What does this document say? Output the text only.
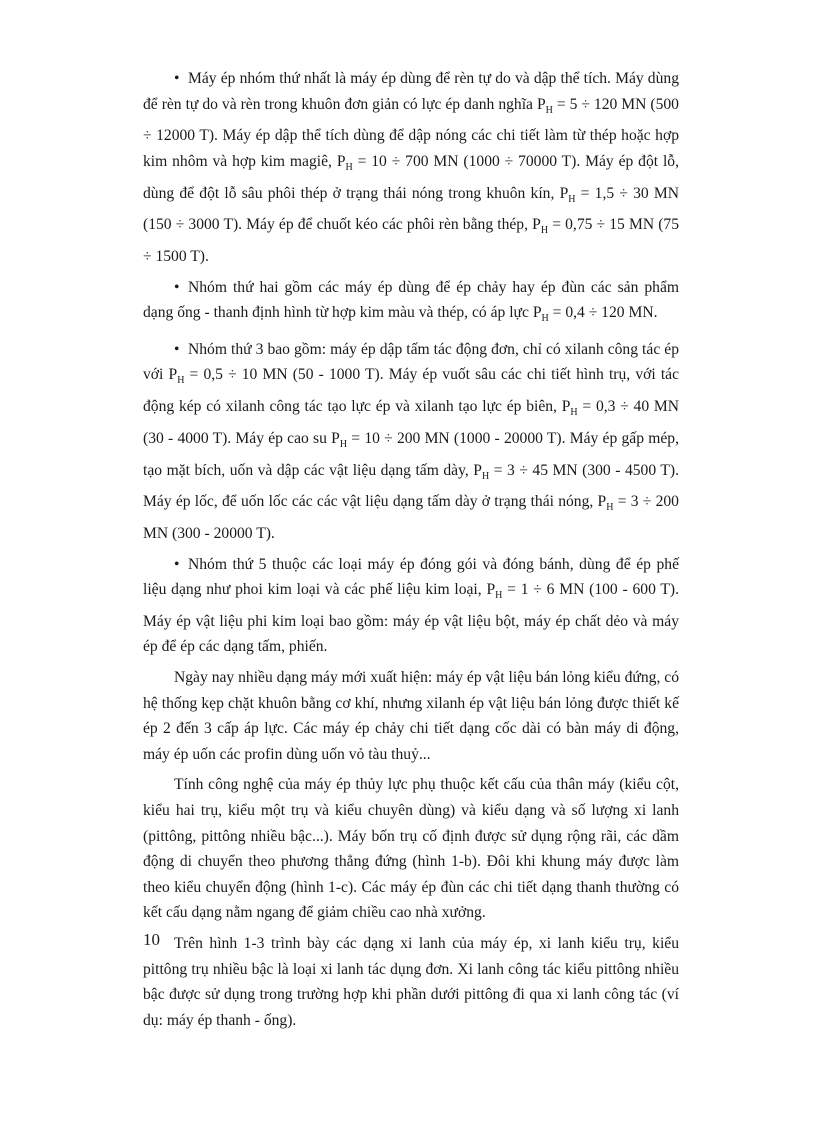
• Máy ép nhóm thứ nhất là máy ép dùng để rèn tự do và dập thể tích. Máy dùng để rèn tự do và rèn trong khuôn đơn giản có lực ép danh nghĩa $P_H = 5 \div 120$ MN (500 ÷ 12000 T). Máy ép dập thể tích dùng để dập nóng các chi tiết làm từ thép hoặc hợp kim nhôm và hợp kim magiê, $P_H = 10 \div 700$ MN (1000 ÷ 70000 T). Máy ép đột lỗ, dùng để đột lỗ sâu phôi thép ở trạng thái nóng trong khuôn kín, $P_H = 1,5 \div 30$ MN (150 ÷ 3000 T). Máy ép để chuốt kéo các phôi rèn bằng thép, $P_H = 0,75 \div 15$ MN (75 ÷ 1500 T).

• Nhóm thứ hai gồm các máy ép dùng để ép chảy hay ép đùn các sản phẩm dạng ống - thanh định hình từ hợp kim màu và thép, có áp lực $P_H = 0,4 \div 120$ MN.

• Nhóm thứ 3 bao gồm: máy ép dập tấm tác động đơn, chỉ có xilanh công tác ép với $P_H = 0,5 \div 10$ MN (50 - 1000 T). Máy ép vuốt sâu các chi tiết hình trụ, với tác động kép có xilanh công tác tạo lực ép và xilanh tạo lực ép biên, $P_H = 0,3 \div 40$ MN (30 - 4000 T). Máy ép cao su $P_H = 10 \div 200$ MN (1000 - 20000 T). Máy ép gấp mép, tạo mặt bích, uốn và dập các vật liệu dạng tấm dày, $P_H = 3 \div 45$ MN (300 - 4500 T). Máy ép lốc, để uốn lốc các các vật liệu dạng tấm dày ở trạng thái nóng, $P_H = 3 \div 200$ MN (300 - 20000 T).

• Nhóm thứ 5 thuộc các loại máy ép đóng gói và đóng bánh, dùng để ép phế liệu dạng như phoi kim loại và các phế liệu kim loại, $P_H = 1 \div 6$ MN (100 - 600 T). Máy ép vật liệu phi kim loại bao gồm: máy ép vật liệu bột, máy ép chất dẻo và máy ép để ép các dạng tấm, phiến.

Ngày nay nhiều dạng máy mới xuất hiện: máy ép vật liệu bán lỏng kiểu đứng, có hệ thống kẹp chặt khuôn bằng cơ khí, nhưng xilanh ép vật liệu bán lỏng được thiết kế ép 2 đến 3 cấp áp lực. Các máy ép chảy chi tiết dạng cốc dài có bàn máy di động, máy ép uốn các profin dùng uốn vỏ tàu thuỷ...

Tính công nghệ của máy ép thủy lực phụ thuộc kết cấu của thân máy (kiểu cột, kiểu hai trụ, kiểu một trụ và kiểu chuyên dùng) và kiểu dạng và số lượng xi lanh (pittông, pittông nhiều bậc...). Máy bốn trụ cố định được sử dụng rộng rãi, các dầm động di chuyển theo phương thẳng đứng (hình 1-b). Đôi khi khung máy được làm theo kiểu chuyển động (hình 1-c). Các máy ép đùn các chi tiết dạng thanh thường có kết cấu dạng nằm ngang để giảm chiều cao nhà xưởng.

Trên hình 1-3 trình bày các dạng xi lanh của máy ép, xi lanh kiểu trụ, kiểu pittông trụ nhiều bậc là loại xi lanh tác dụng đơn. Xi lanh công tác kiểu pittông nhiều bậc được sử dụng trong trường hợp khi phần dưới pittông đi qua xi lanh công tác (ví dụ: máy ép thanh - ống).

10
